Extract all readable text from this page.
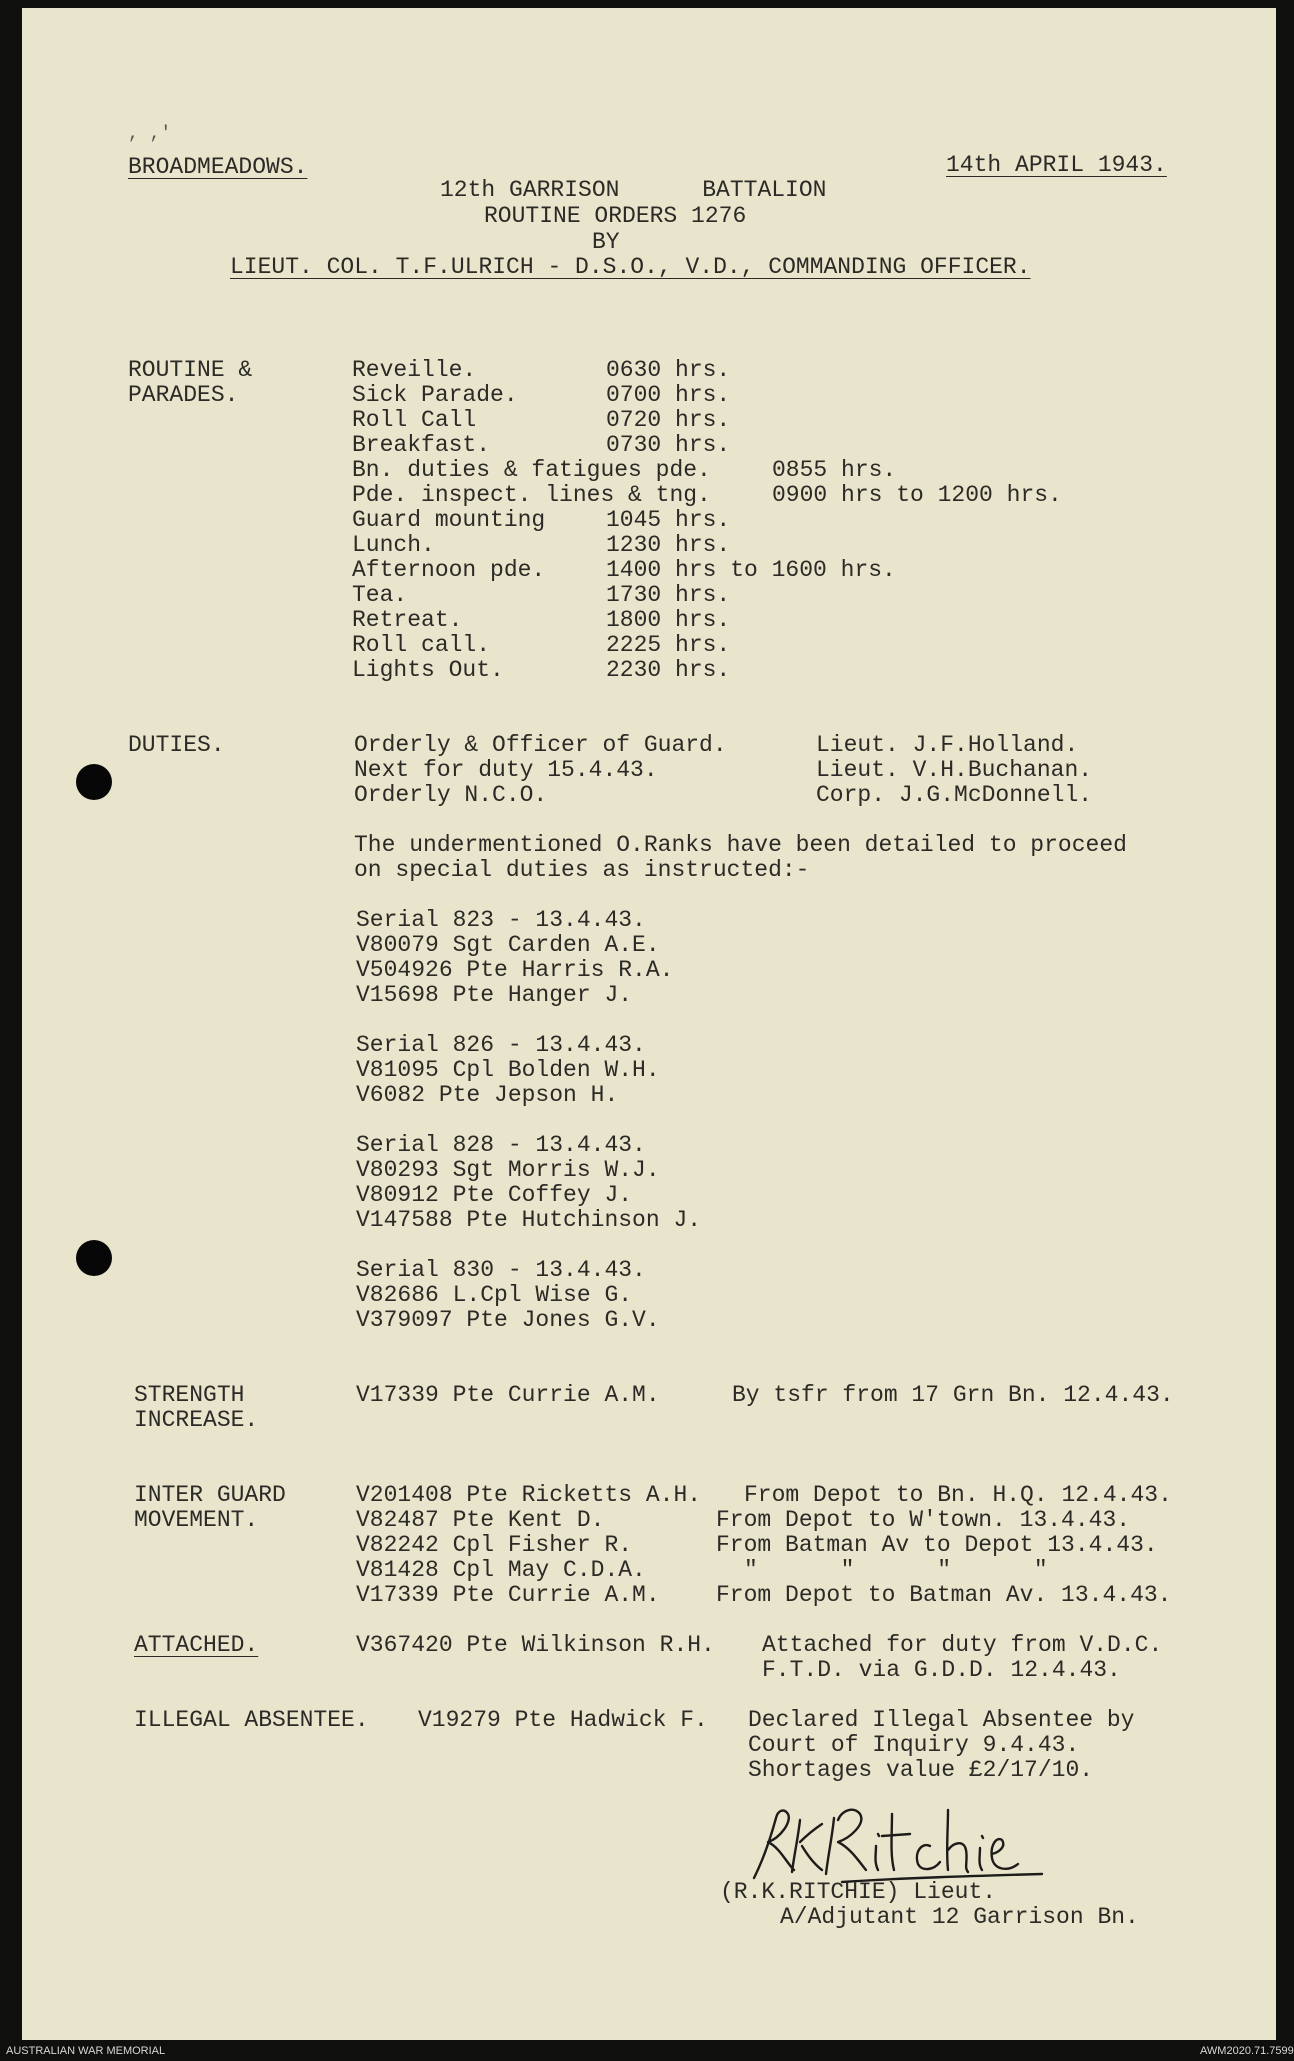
, ,'
BROADMEADOWS.	14th APRIL 1943.
12th GARRISON      BATTALION
ROUTINE ORDERS 1276
BY
LIEUT. COL. T.F.ULRICH - D.S.O., V.D., COMMANDING OFFICER.
ROUTINE &
PARADES.
Reveille.	0630 hrs.
Sick Parade.	0700 hrs.
Roll Call	0720 hrs.
Breakfast.	0730 hrs.
Bn. duties & fatigues pde.	0855 hrs.
Pde. inspect. lines & tng.	0900 hrs to 1200 hrs.
Guard mounting	1045 hrs.
Lunch.	1230 hrs.
Afternoon pde.	1400 hrs to 1600 hrs.
Tea.	1730 hrs.
Retreat.	1800 hrs.
Roll call.	2225 hrs.
Lights Out.	2230 hrs.
DUTIES.	Orderly & Officer of Guard.	Lieut. J.F.Holland.
Next for duty 15.4.43.	Lieut. V.H.Buchanan.
Orderly N.C.O.	Corp. J.G.McDonnell.
The undermentioned O.Ranks have been detailed to proceed
on special duties as instructed:-
Serial 823 - 13.4.43.
V80079 Sgt Carden A.E.
V504926 Pte Harris R.A.
V15698 Pte Hanger J.
Serial 826 - 13.4.43.
V81095 Cpl Bolden W.H.
V6082 Pte Jepson H.
Serial 828 - 13.4.43.
V80293 Sgt Morris W.J.
V80912 Pte Coffey J.
V147588 Pte Hutchinson J.
Serial 830 - 13.4.43.
V82686 L.Cpl Wise G.
V379097 Pte Jones G.V.
STRENGTH
INCREASE.
V17339 Pte Currie A.M.	By tsfr from 17 Grn Bn. 12.4.43.
INTER GUARD
MOVEMENT.
V201408 Pte Ricketts A.H. From Depot to Bn. H.Q. 12.4.43.
V82487 Pte Kent D.	From Depot to W'town. 13.4.43.
V82242 Cpl Fisher R.	From Batman Av to Depot 13.4.43.
V81428 Cpl May C.D.A.	"      "      "      "
V17339 Pte Currie A.M. From Depot to Batman Av. 13.4.43.
ATTACHED.	V367420 Pte Wilkinson R.H. Attached for duty from V.D.C.
F.T.D. via G.D.D. 12.4.43.
ILLEGAL ABSENTEE. V19279 Pte Hadwick F. Declared Illegal Absentee by
Court of Inquiry 9.4.43.
Shortages value £2/17/10.
(R.K.RITCHIE) Lieut.
A/Adjutant 12 Garrison Bn.
AUSTRALIAN WAR MEMORIAL	AWM2020.71.7599
